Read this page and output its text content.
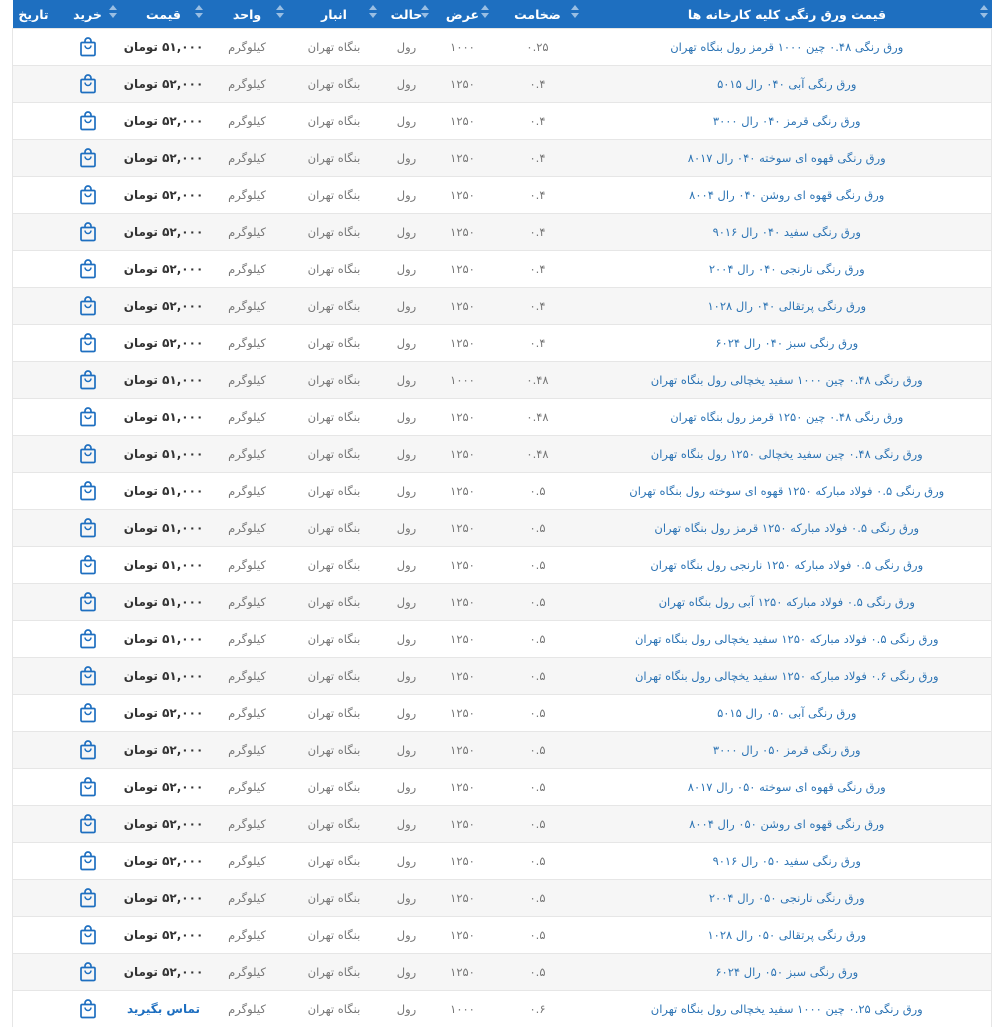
تاریخ	خرید	قیمت	واحد	انبار	حالت	عرض	ضخامت	قیمت ورق رنگی کلیه کارخانه ها

		۵۱,۰۰۰ تومان	کیلوگرم	بنگاه تهران	رول	۱۰۰۰	۰.۲۵	ورق رنگی ۰.۴۸ چین ۱۰۰۰ قرمز رول بنگاه تهران
		۵۲,۰۰۰ تومان	کیلوگرم	بنگاه تهران	رول	۱۲۵۰	۰.۴	ورق رنگی آبی ۰۴۰ رال ۵۰۱۵
		۵۲,۰۰۰ تومان	کیلوگرم	بنگاه تهران	رول	۱۲۵۰	۰.۴	ورق رنگی قرمز ۰۴۰ رال ۳۰۰۰
		۵۲,۰۰۰ تومان	کیلوگرم	بنگاه تهران	رول	۱۲۵۰	۰.۴	ورق رنگی قهوه ای سوخته ۰۴۰ رال ۸۰۱۷
		۵۲,۰۰۰ تومان	کیلوگرم	بنگاه تهران	رول	۱۲۵۰	۰.۴	ورق رنگی قهوه ای روشن ۰۴۰ رال ۸۰۰۴
		۵۲,۰۰۰ تومان	کیلوگرم	بنگاه تهران	رول	۱۲۵۰	۰.۴	ورق رنگی سفید ۰۴۰ رال ۹۰۱۶
		۵۲,۰۰۰ تومان	کیلوگرم	بنگاه تهران	رول	۱۲۵۰	۰.۴	ورق رنگی نارنجی ۰۴۰ رال ۲۰۰۴
		۵۲,۰۰۰ تومان	کیلوگرم	بنگاه تهران	رول	۱۲۵۰	۰.۴	ورق رنگی پرتقالی ۰۴۰ رال ۱۰۲۸
		۵۲,۰۰۰ تومان	کیلوگرم	بنگاه تهران	رول	۱۲۵۰	۰.۴	ورق رنگی سبز ۰۴۰ رال ۶۰۲۴
		۵۱,۰۰۰ تومان	کیلوگرم	بنگاه تهران	رول	۱۰۰۰	۰.۴۸	ورق رنگی ۰.۴۸ چین ۱۰۰۰ سفید یخچالی رول بنگاه تهران
		۵۱,۰۰۰ تومان	کیلوگرم	بنگاه تهران	رول	۱۲۵۰	۰.۴۸	ورق رنگی ۰.۴۸ چین ۱۲۵۰ قرمز رول بنگاه تهران
		۵۱,۰۰۰ تومان	کیلوگرم	بنگاه تهران	رول	۱۲۵۰	۰.۴۸	ورق رنگی ۰.۴۸ چین سفید یخچالی ۱۲۵۰ رول بنگاه تهران
		۵۱,۰۰۰ تومان	کیلوگرم	بنگاه تهران	رول	۱۲۵۰	۰.۵	ورق رنگی ۰.۵ فولاد مبارکه ۱۲۵۰ قهوه ای سوخته رول بنگاه تهران
		۵۱,۰۰۰ تومان	کیلوگرم	بنگاه تهران	رول	۱۲۵۰	۰.۵	ورق رنگی ۰.۵ فولاد مبارکه ۱۲۵۰ قرمز رول بنگاه تهران
		۵۱,۰۰۰ تومان	کیلوگرم	بنگاه تهران	رول	۱۲۵۰	۰.۵	ورق رنگی ۰.۵ فولاد مبارکه ۱۲۵۰ نارنجی رول بنگاه تهران
		۵۱,۰۰۰ تومان	کیلوگرم	بنگاه تهران	رول	۱۲۵۰	۰.۵	ورق رنگی ۰.۵ فولاد مبارکه ۱۲۵۰ آبی رول بنگاه تهران
		۵۱,۰۰۰ تومان	کیلوگرم	بنگاه تهران	رول	۱۲۵۰	۰.۵	ورق رنگی ۰.۵ فولاد مبارکه ۱۲۵۰ سفید یخچالی رول بنگاه تهران
		۵۱,۰۰۰ تومان	کیلوگرم	بنگاه تهران	رول	۱۲۵۰	۰.۵	ورق رنگی ۰.۶ فولاد مبارکه ۱۲۵۰ سفید یخچالی رول بنگاه تهران
		۵۲,۰۰۰ تومان	کیلوگرم	بنگاه تهران	رول	۱۲۵۰	۰.۵	ورق رنگی آبی ۰۵۰ رال ۵۰۱۵
		۵۲,۰۰۰ تومان	کیلوگرم	بنگاه تهران	رول	۱۲۵۰	۰.۵	ورق رنگی قرمز ۰۵۰ رال ۳۰۰۰
		۵۲,۰۰۰ تومان	کیلوگرم	بنگاه تهران	رول	۱۲۵۰	۰.۵	ورق رنگی قهوه ای سوخته ۰۵۰ رال ۸۰۱۷
		۵۲,۰۰۰ تومان	کیلوگرم	بنگاه تهران	رول	۱۲۵۰	۰.۵	ورق رنگی قهوه ای روشن ۰۵۰ رال ۸۰۰۴
		۵۲,۰۰۰ تومان	کیلوگرم	بنگاه تهران	رول	۱۲۵۰	۰.۵	ورق رنگی سفید ۰۵۰ رال ۹۰۱۶
		۵۲,۰۰۰ تومان	کیلوگرم	بنگاه تهران	رول	۱۲۵۰	۰.۵	ورق رنگی نارنجی ۰۵۰ رال ۲۰۰۴
		۵۲,۰۰۰ تومان	کیلوگرم	بنگاه تهران	رول	۱۲۵۰	۰.۵	ورق رنگی پرتقالی ۰۵۰ رال ۱۰۲۸
		۵۲,۰۰۰ تومان	کیلوگرم	بنگاه تهران	رول	۱۲۵۰	۰.۵	ورق رنگی سبز ۰۵۰ رال ۶۰۲۴
		تماس بگیرید	کیلوگرم	بنگاه تهران	رول	۱۰۰۰	۰.۶	ورق رنگی ۰.۲۵ چین ۱۰۰۰ سفید یخچالی رول بنگاه تهران
